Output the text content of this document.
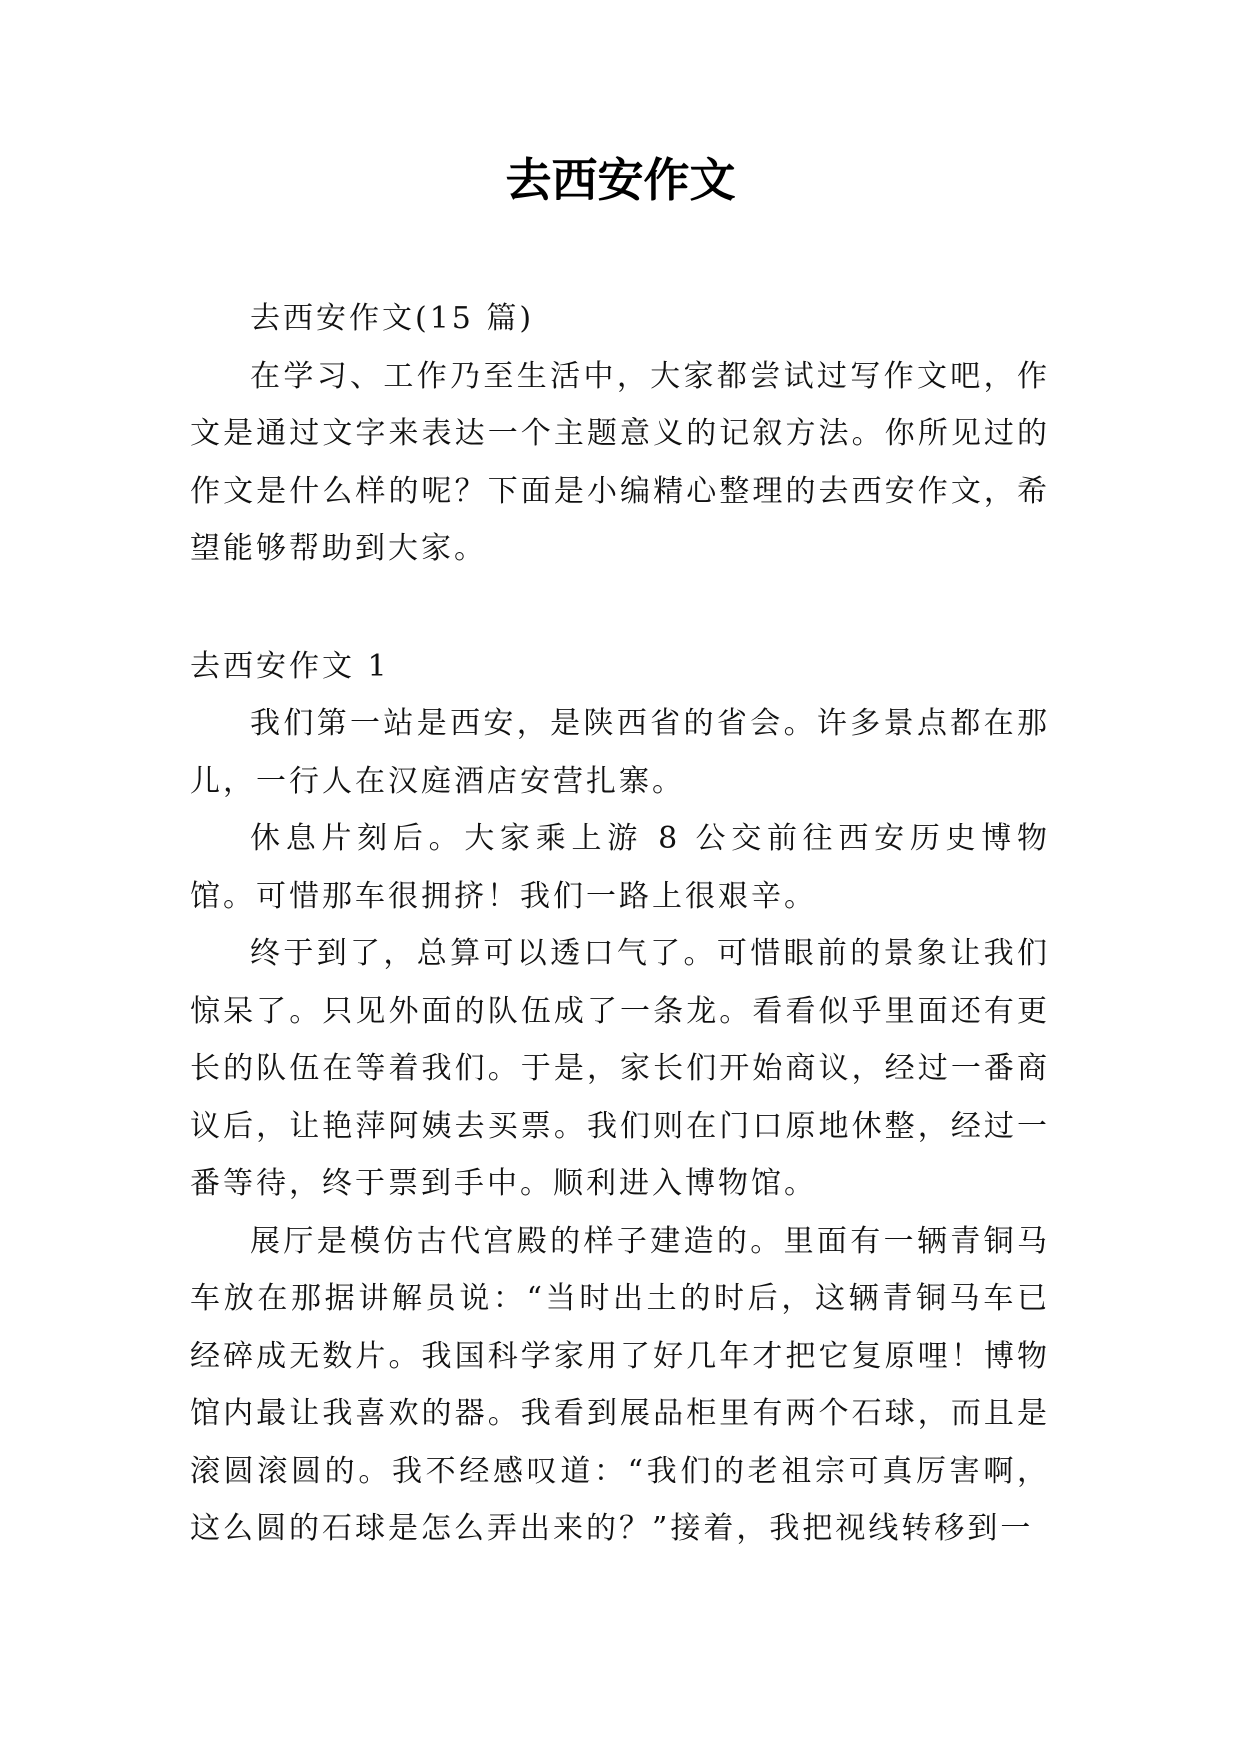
去西安作文

去西安作文(15 篇)

在学习、工作乃至生活中，大家都尝试过写作文吧，作文是通过文字来表达一个主题意义的记叙方法。你所见过的作文是什么样的呢？下面是小编精心整理的去西安作文，希望能够帮助到大家。

去西安作文 1

我们第一站是西安，是陕西省的省会。许多景点都在那儿，一行人在汉庭酒店安营扎寨。

休息片刻后。大家乘上游 8 公交前往西安历史博物馆。可惜那车很拥挤！我们一路上很艰辛。

终于到了，总算可以透口气了。可惜眼前的景象让我们惊呆了。只见外面的队伍成了一条龙。看看似乎里面还有更长的队伍在等着我们。于是，家长们开始商议，经过一番商议后，让艳萍阿姨去买票。我们则在门口原地休整，经过一番等待，终于票到手中。顺利进入博物馆。

展厅是模仿古代宫殿的样子建造的。里面有一辆青铜马车放在那据讲解员说：“当时出土的时后，这辆青铜马车已经碎成无数片。我国科学家用了好几年才把它复原哩！博物馆内最让我喜欢的器。我看到展品柜里有两个石球，而且是滚圆滚圆的。我不经感叹道：“我们的老祖宗可真厉害啊，这么圆的石球是怎么弄出来的？”接着，我把视线转移到一
